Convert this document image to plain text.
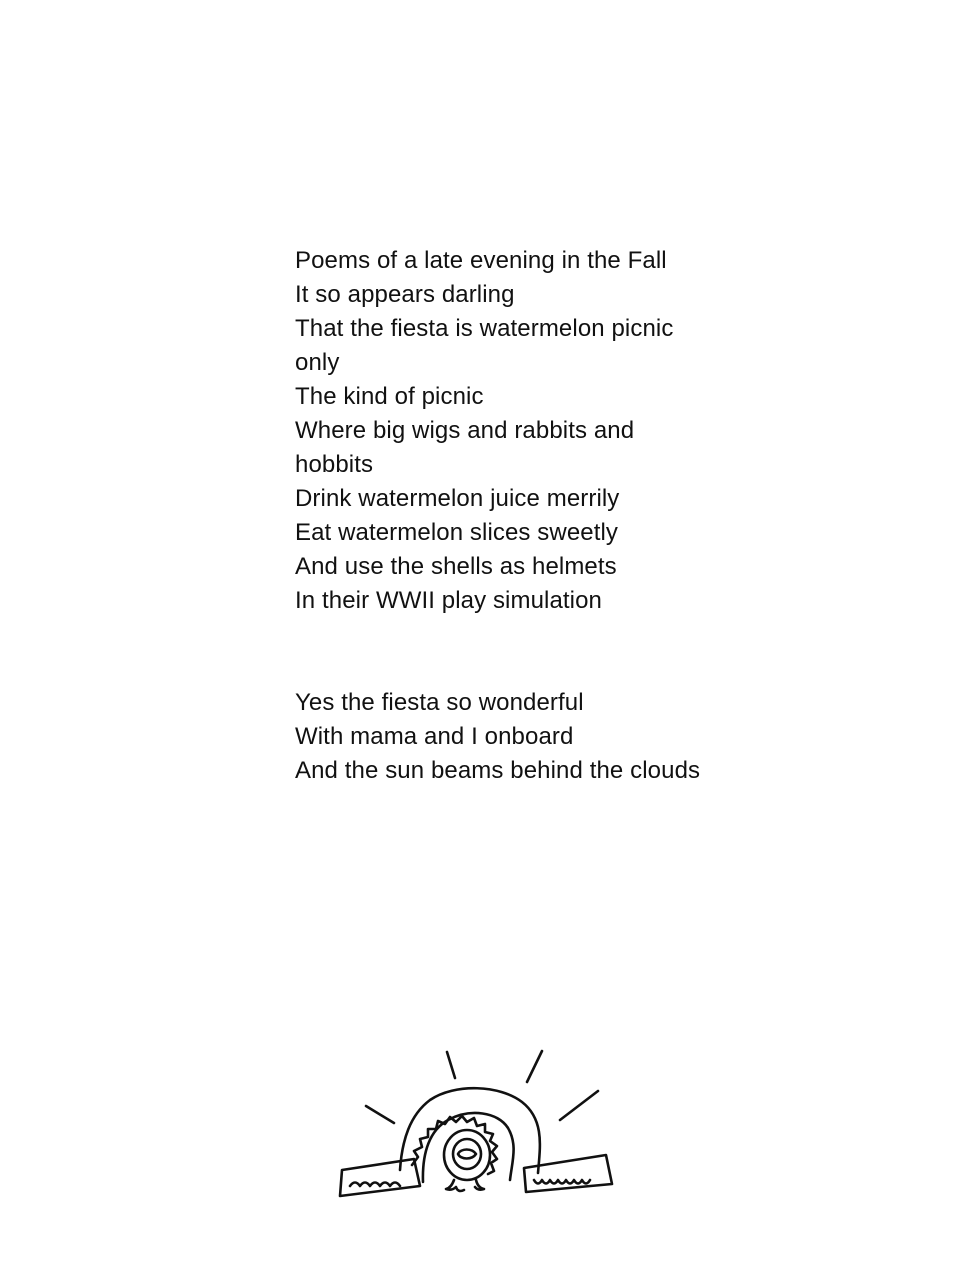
Poems of a late evening in the Fall

It so appears darling

That the fiesta is watermelon picnic

only

The kind of picnic

Where big wigs and rabbits and

hobbits

Drink watermelon juice merrily

Eat watermelon slices sweetly

And use the shells as helmets

In their WWII play simulation

Yes the fiesta so wonderful

With mama and I onboard

And the sun beams behind the clouds
